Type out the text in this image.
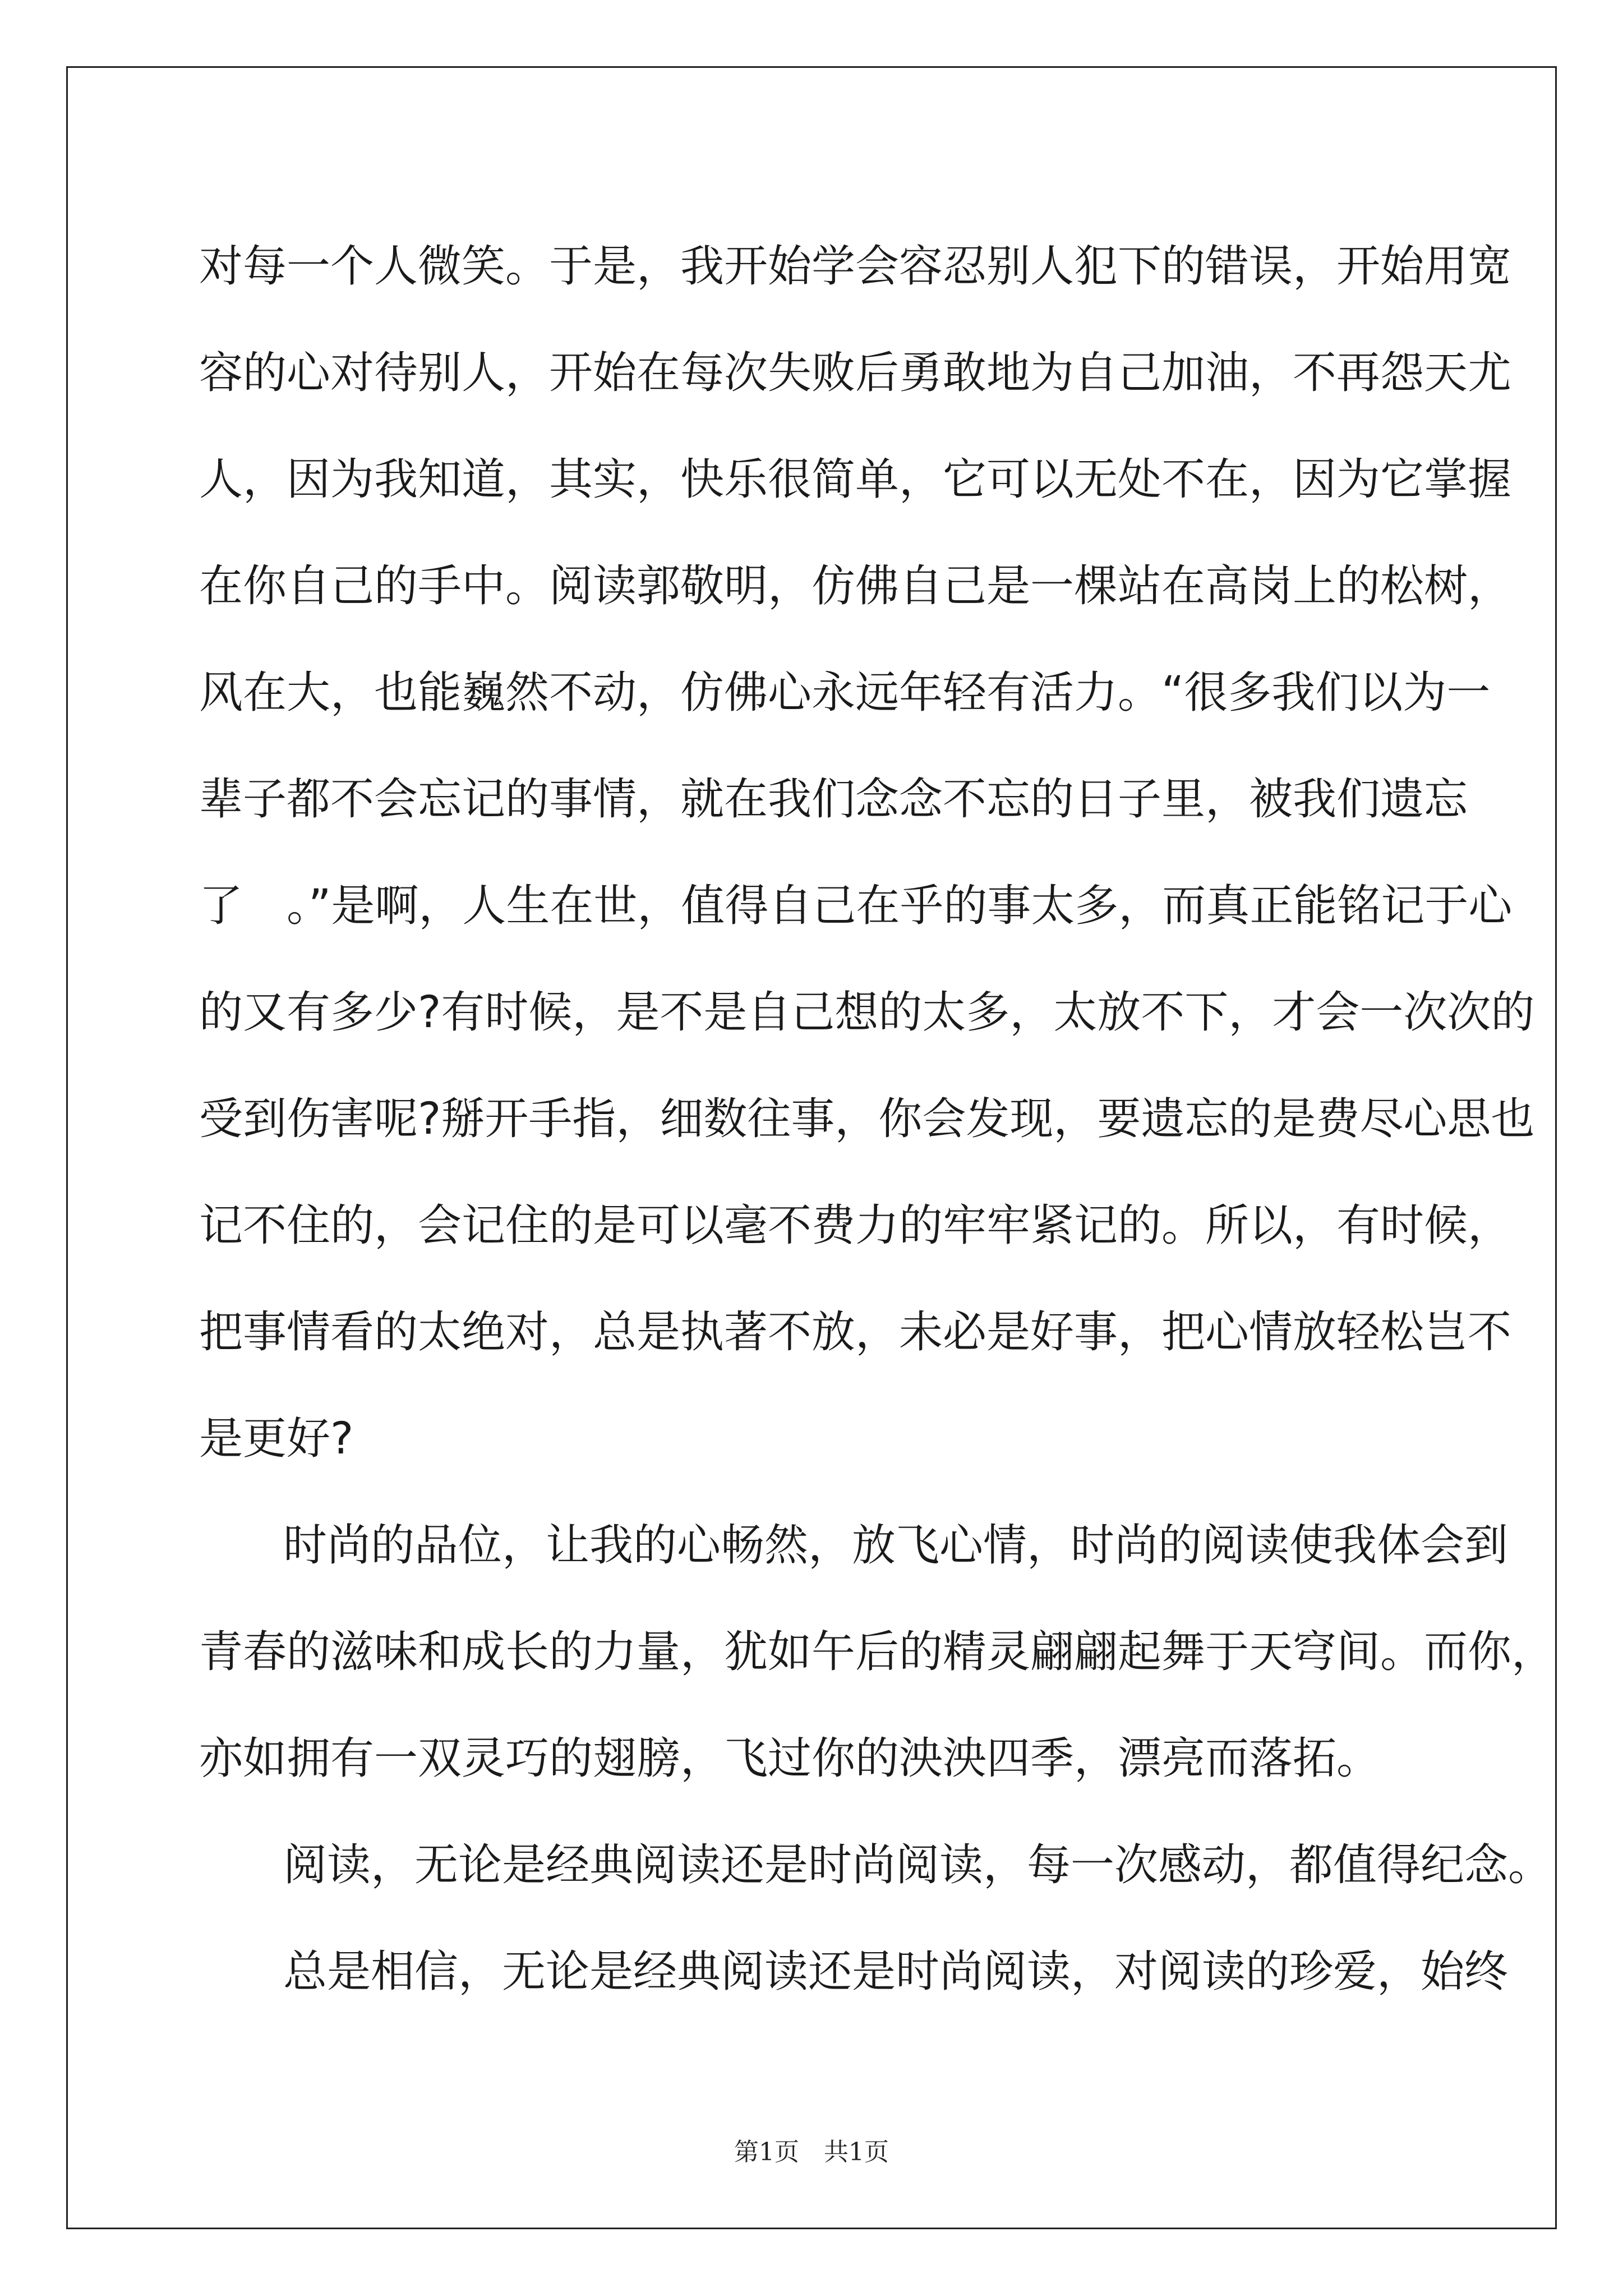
对每一个人微笑。于是，我开始学会容忍别人犯下的错误，开始用宽
容的心对待别人，开始在每次失败后勇敢地为自己加油，不再怨天尤
人，因为我知道，其实，快乐很简单，它可以无处不在，因为它掌握
在你自己的手中。阅读郭敬明，仿佛自己是一棵站在高岗上的松树，
风在大，也能巍然不动，仿佛心永远年轻有活力。“很多我们以为一
辈子都不会忘记的事情，就在我们念念不忘的日子里，被我们遗忘
了　。”是啊，人生在世，值得自己在乎的事太多，而真正能铭记于心
的又有多少?有时候，是不是自己想的太多，太放不下，才会一次次的
受到伤害呢?掰开手指，细数往事，你会发现，要遗忘的是费尽心思也
记不住的，会记住的是可以毫不费力的牢牢紧记的。所以，有时候，
把事情看的太绝对，总是执著不放，未必是好事，把心情放轻松岂不
是更好?
时尚的品位，让我的心畅然，放飞心情，时尚的阅读使我体会到
青春的滋味和成长的力量，犹如午后的精灵翩翩起舞于天穹间。而你，
亦如拥有一双灵巧的翅膀，飞过你的泱泱四季，漂亮而落拓。
阅读，无论是经典阅读还是时尚阅读，每一次感动，都值得纪念。
总是相信，无论是经典阅读还是时尚阅读，对阅读的珍爱，始终
第1页　共1页
